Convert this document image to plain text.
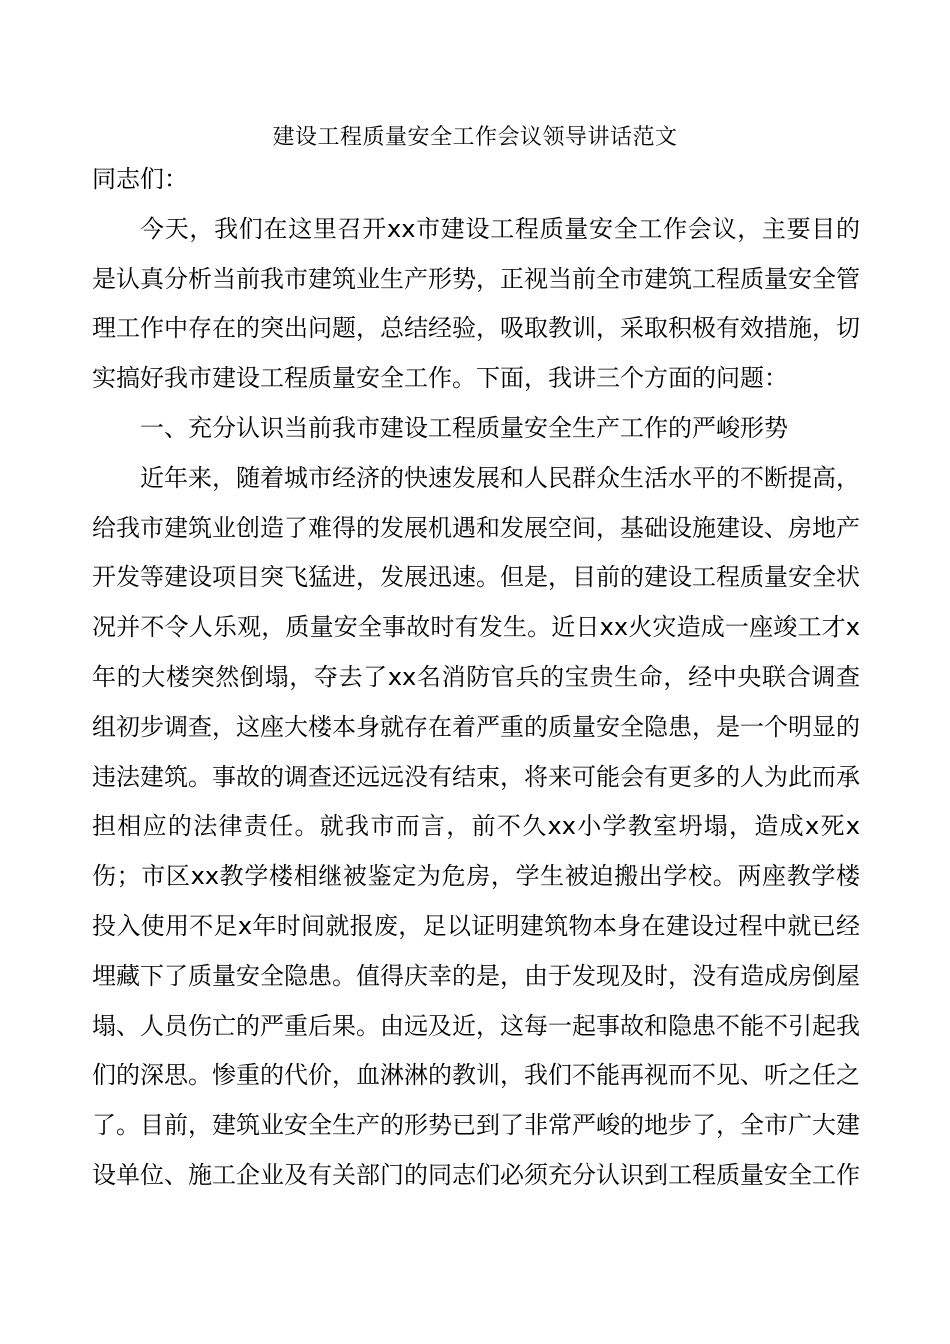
建设工程质量安全工作会议领导讲话范文

同志们：

今天，我们在这里召开xx市建设工程质量安全工作会议，主要目的是认真分析当前我市建筑业生产形势，正视当前全市建筑工程质量安全管理工作中存在的突出问题，总结经验，吸取教训，采取积极有效措施，切实搞好我市建设工程质量安全工作。下面，我讲三个方面的问题：

一、充分认识当前我市建设工程质量安全生产工作的严峻形势

近年来，随着城市经济的快速发展和人民群众生活水平的不断提高，给我市建筑业创造了难得的发展机遇和发展空间，基础设施建设、房地产开发等建设项目突飞猛进，发展迅速。但是，目前的建设工程质量安全状况并不令人乐观，质量安全事故时有发生。近日xx火灾造成一座竣工才x年的大楼突然倒塌，夺去了xx名消防官兵的宝贵生命，经中央联合调查组初步调查，这座大楼本身就存在着严重的质量安全隐患，是一个明显的违法建筑。事故的调查还远远没有结束，将来可能会有更多的人为此而承担相应的法律责任。就我市而言，前不久xx小学教室坍塌，造成x死x伤；市区xx教学楼相继被鉴定为危房，学生被迫搬出学校。两座教学楼投入使用不足x年时间就报废，足以证明建筑物本身在建设过程中就已经埋藏下了质量安全隐患。值得庆幸的是，由于发现及时，没有造成房倒屋塌、人员伤亡的严重后果。由远及近，这每一起事故和隐患不能不引起我们的深思。惨重的代价，血淋淋的教训，我们不能再视而不见、听之任之了。目前，建筑业安全生产的形势已到了非常严峻的地步了，全市广大建设单位、施工企业及有关部门的同志们必须充分认识到工程质量安全工作
